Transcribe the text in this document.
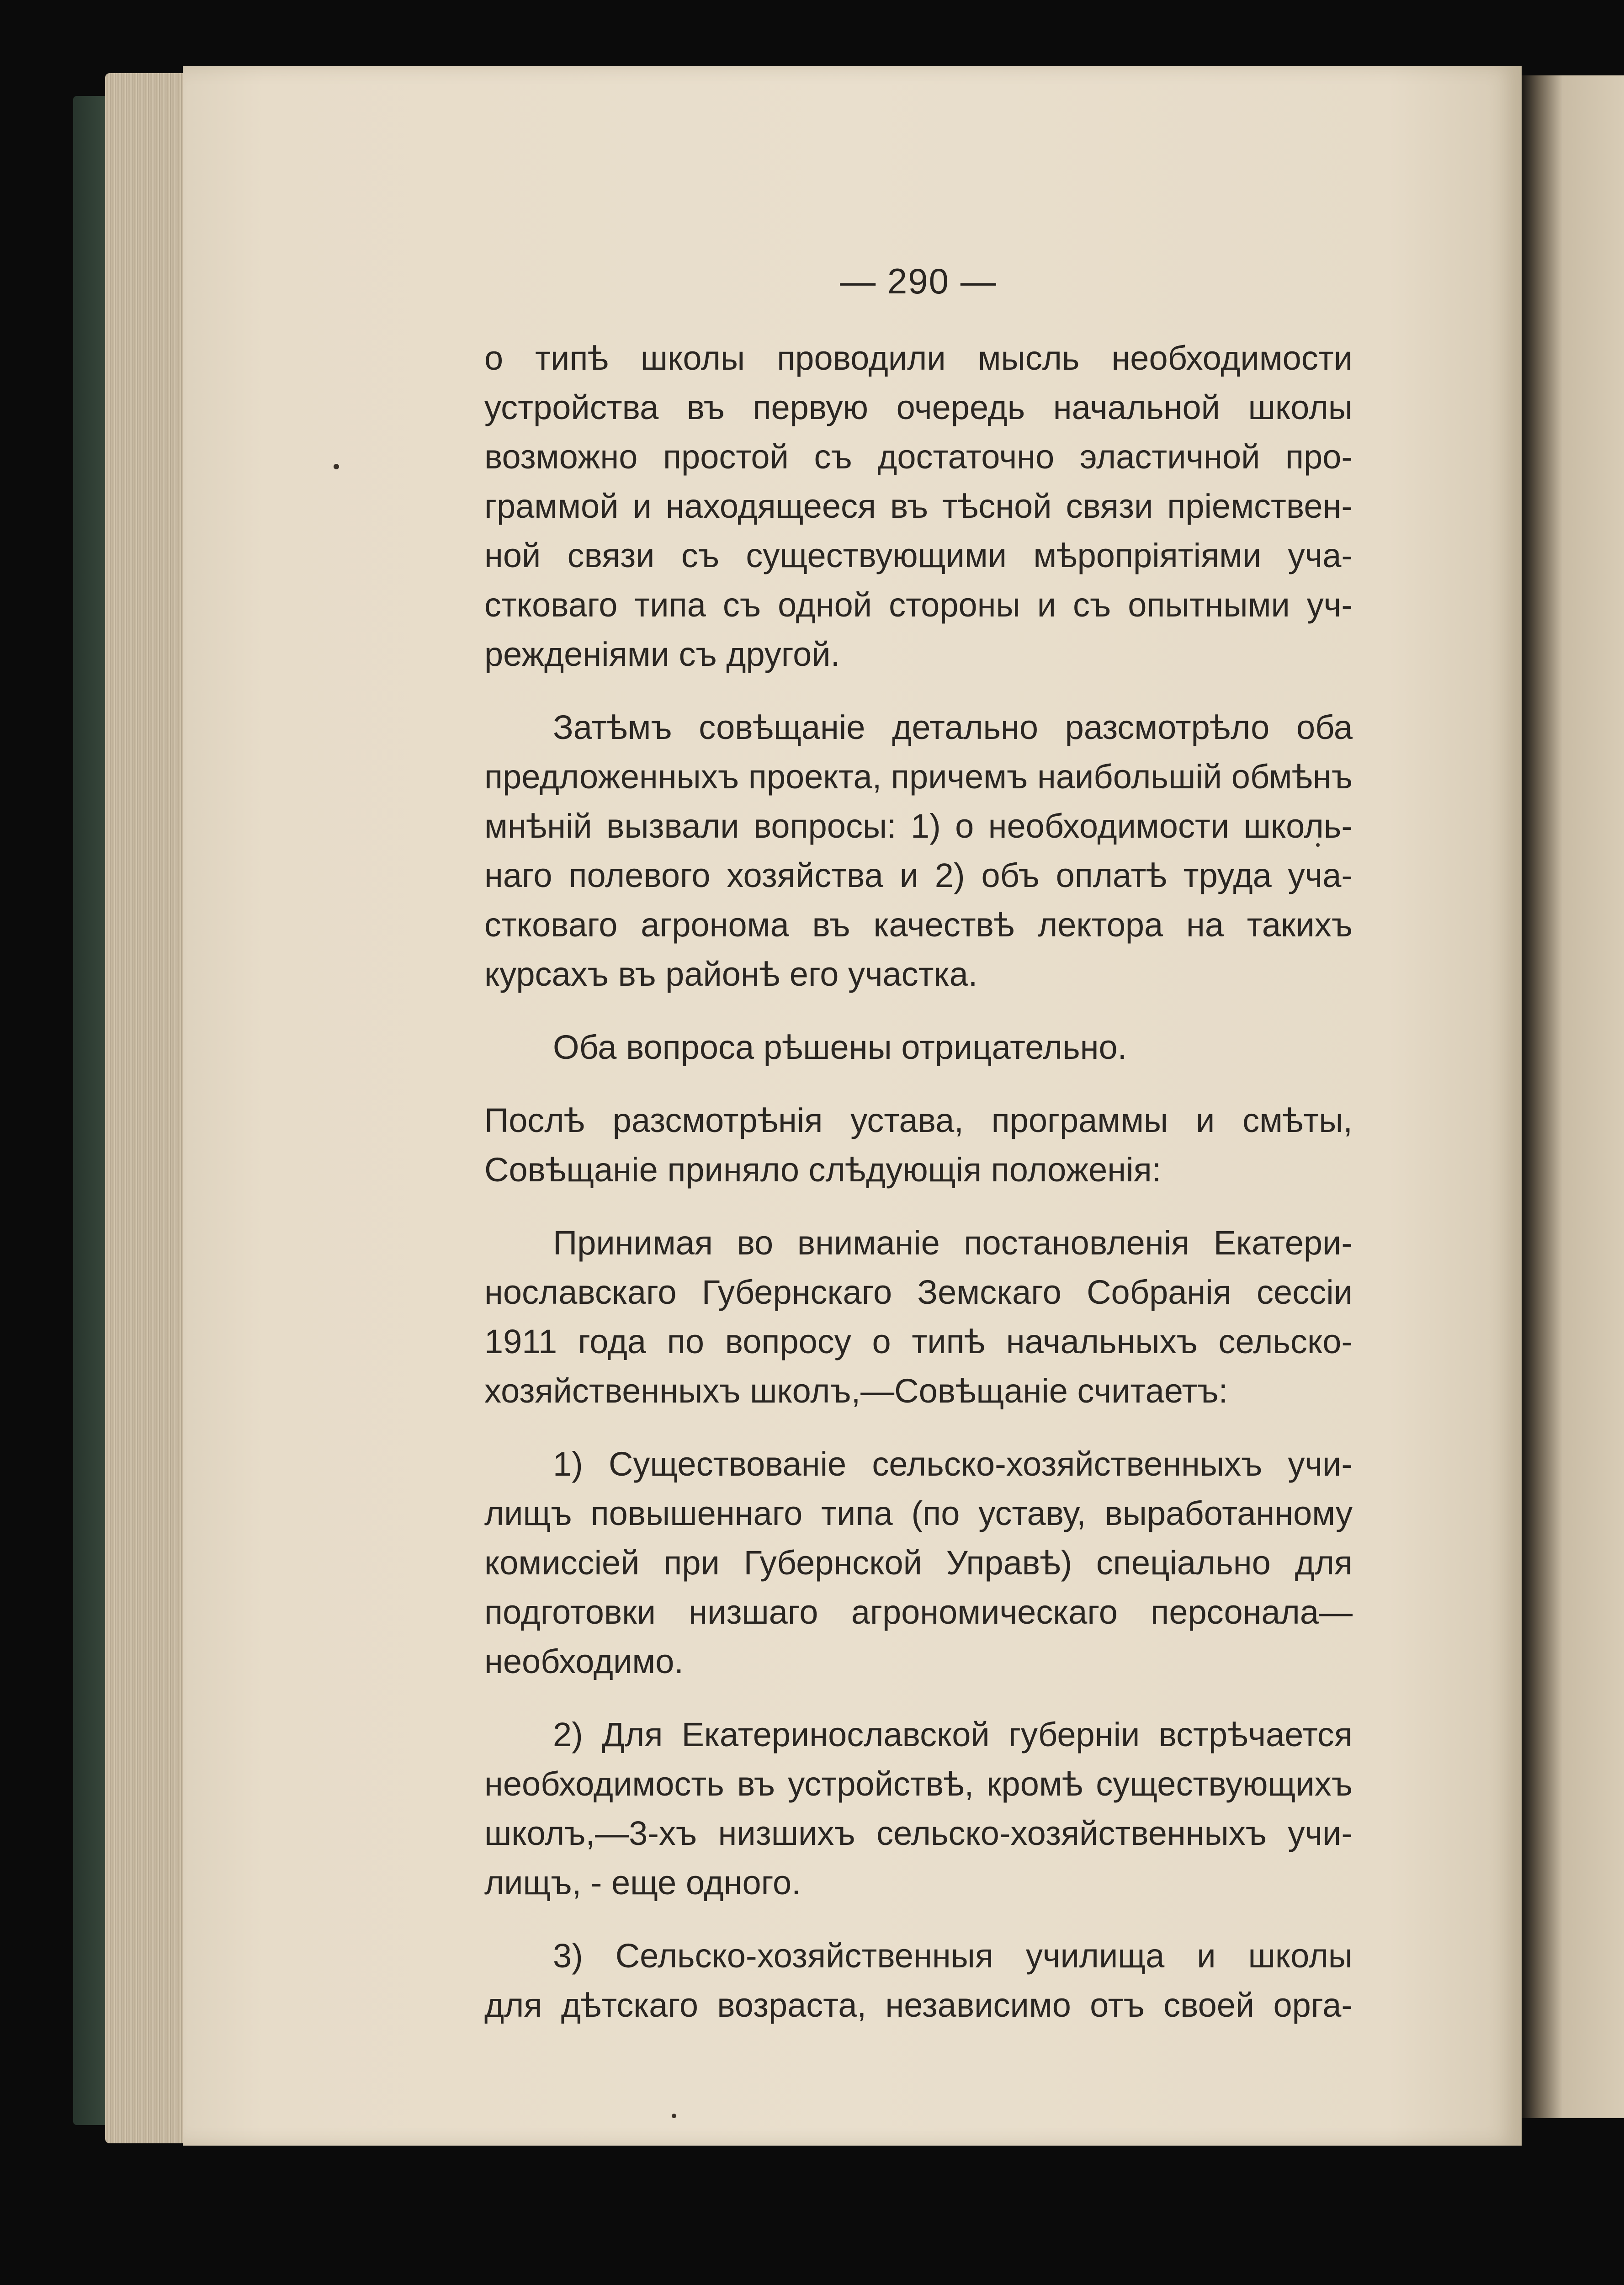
— 290 —
о типѣ школы проводили мысль необходимости
устройства въ первую очередь начальной школы
возможно простой съ достаточно эластичной про-
граммой и находящееся въ тѣсной связи пріемствен-
ной связи съ существующими мѣропріятіями уча-
стковаго типа съ одной стороны и съ опытными уч-
режденіями съ другой.
Затѣмъ совѣщаніе детально разсмотрѣло оба
предложенныхъ проекта, причемъ наибольшій обмѣнъ
мнѣній вызвали вопросы: 1) о необходимости школь-
наго полевого хозяйства и 2) объ оплатѣ труда уча-
стковаго агронома въ качествѣ лектора на такихъ
курсахъ въ районѣ его участка.
Оба вопроса рѣшены отрицательно.
Послѣ разсмотрѣнія устава, программы и смѣты,
Совѣщаніе приняло слѣдующія положенія:
Принимая во вниманіе постановленія Екатери-
нославскаго Губернскаго Земскаго Собранія сессіи
1911 года по вопросу о типѣ начальныхъ сельско-
хозяйственныхъ школъ,—Совѣщаніе считаетъ:
1) Существованіе сельско-хозяйственныхъ учи-
лищъ повышеннаго типа (по уставу, выработанному
комиссіей при Губернской Управѣ) спеціально для
подготовки низшаго агрономическаго персонала—
необходимо.
2) Для Екатеринославской губерніи встрѣчается
необходимость въ устройствѣ, кромѣ существующихъ
школъ,—3-хъ низшихъ сельско-хозяйственныхъ учи-
лищъ, - еще одного.
3) Сельско-хозяйственныя училища и школы
для дѣтскаго возраста, независимо отъ своей орга-
